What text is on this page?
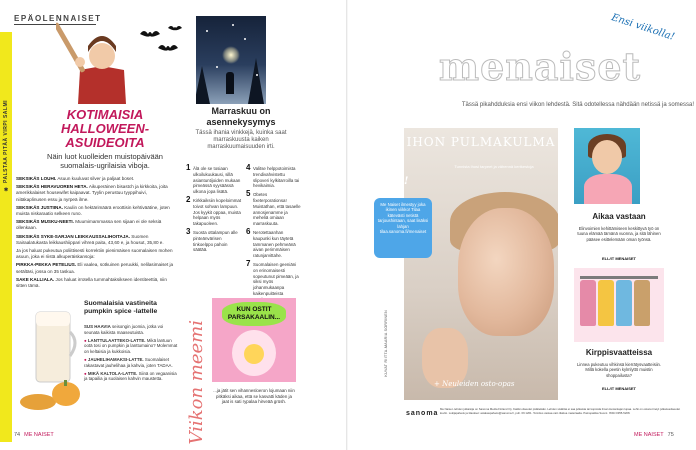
✱ PALSTAA PITÄÄ VIRPI SALMI
EPÄOLENNAISET
KOTIMAISIA HALLOWEEN-ASUIDEOITA
Näin luot kuolleiden muistopäivään suomalais-ugrilaisia viboja.

SEKSIKÄS LOUHI. Asuun kuuluvat silver ja paljaat boset.

SEKSIKÄS HERAVUOREN HETA. Aikuperäinen bisastch ja kirkkoita, joita amerikkalaiset housewifet kaipaavat. Tyylin perustuu tyyppihuivi, niitäkaplinusen essu ja nyrpeä ilme.

SEKSIKÄS JUSTIINA. Kaulin on hektärimäärä eroottisin kehtiväätine, joten muista niskaraatio selkeen runo.

SEKSIKÄS MUSKU-NEETI. Muumimammassa sen sijaan ei ole seksiä ollenkaan.

SEKSIKÄS SYKE-SARJAN LEIKKAUSSALIHOITAJA. Suomen Sairaalatukasta leikkaushiippari vihreä paita, 43,60 e, ja housut, 35,80 e.

Ja jos haluat pukeutua poliittisesti korrektiin pienimäisen suomalaisen mohen asuun, joka ei riistä alkuperäiskansoja:

PIRKKA-PEKKA PETELIUS. Eli vaalea, sotkuinen peruukki, nelilasimaiset ja setältäsi, jossa on 35 taskua.

SAKE KALLIALA. Jos haluat irrotella tummahtaksikseen identiteettiä, niin sitten tämä.

Marraskuu on asennekysymys
Tässä ihania vinkkejä, kuinka saat marraskuusta kaiken marraskuumaisuuden irti.
1 Älä ole se tosiaan ulkoilukuukausi, sillä asiantuntijoiden mukaan pimeässä syysäässä ulkona jopa lisätä.
2 Kirkkaiksiin kopeloimmat toivot sohvan lampuun. Jos kyykit oppaa, muista helpaan myös takapuoleen.
3 Suosta ottalampun alle pinteänvärisen tinkoelppo pahoin säätää.
4 Valitse helppotoimista trendivahvistettu slipoveri kylkitarroilla tai hevikaimia.
5 Obetes fixeterporationsa! Muistathan, että tasaelle annosjenamme ja meheliä omiaan marraskuuta.
6 Nerotettaanhan kaupunki kun täytetä tammanen pehmeänä aivan perimmäisen ratunjarvittahe.
7 Suomalaisen geeniäni on erinomaisesti sopeutunut pimeään, ja siksi myös johanmukaanpa kaikenpuitteista
Suomalaisia vastineita pumpkin spice -lattelle

SUS HAAVIA seisongin juomia, jotka voi seunata kaikista maaseutuista.

● LANTTULAATTEKO-LATTE. Mikä lantuun ootä tosi on pumpkin ja lanttumaino? Molemmat on keltaisia ja kukkoisia.

● JAUHELIHAMAKSI-LATTE. Suomalaiset rakastavat jauhelihaa ja kahvia, joten TADAA.

● MIKÄ KALTOLA-LATTE. Siinä on vegaanisia ja tapailia ja suolaisen kahvin maustetta.	Viikon meemi
KUN OSTIT PARSAKAALIN...
...ja jätit sen vihannesloeron lojumaan niin pitkäksi aikaa, että se kasvatti käden ja jaat is sati rypalaa hirveää grüsh.
74 ME NAISET
Ensi viikolla!
menaiset
Tässä pikahdduksia ensi viikon lehdestä. Sitä odotellessa nähdään netissä ja somessa!
IHON PULMAKULMA
Tunnista ihosi tarpeet ja vähennä kertkestoja
+ Neuleiden osto-opas
Tilaa!
Me Naiset ilmestyy joka ikinen viikko! Tilaa kätevästi netistä tarjoushintaan, saat lisäksi lahjan tilaa.sanoma.fi/menaiset
KUVAT RIITTA-MAARIA SORRINEN
Aikaa vastaan
Elinvoimien kehittämiseen keskittyvä työ on tuuna elämää tämänä vuonna, ja sitä lähinen pääsee esittelemään oman työnsä.
ELL/IT MENAISET
Kirppisvaatteissa
Linnea pukeutuu vihkinsä kierrätysvaatteisiin. Millä kokella peetin kylmlyttö muistin shoppailusta?
ELL/IT MENAISET
sanoma
Me Naiset -lehden julkaisija on Sanoma Media Finland Oy. Kaikki oikeudet pidätetään. Lehden sisältöä ei saa julkaista tai kopioida ilman kustantajan lupaa. Lehti on ostanut tietyt julkaisuoikeudet kuviin. Lukijapalvelu ja tilaukset: asiakaspalvelu@sanoma.fi, puh. 09 1201. Toimitus vastaa vain tilattua materiaalia. Painopaikka Suomi. ISSN 0355-5208.
ME NAISET 75
